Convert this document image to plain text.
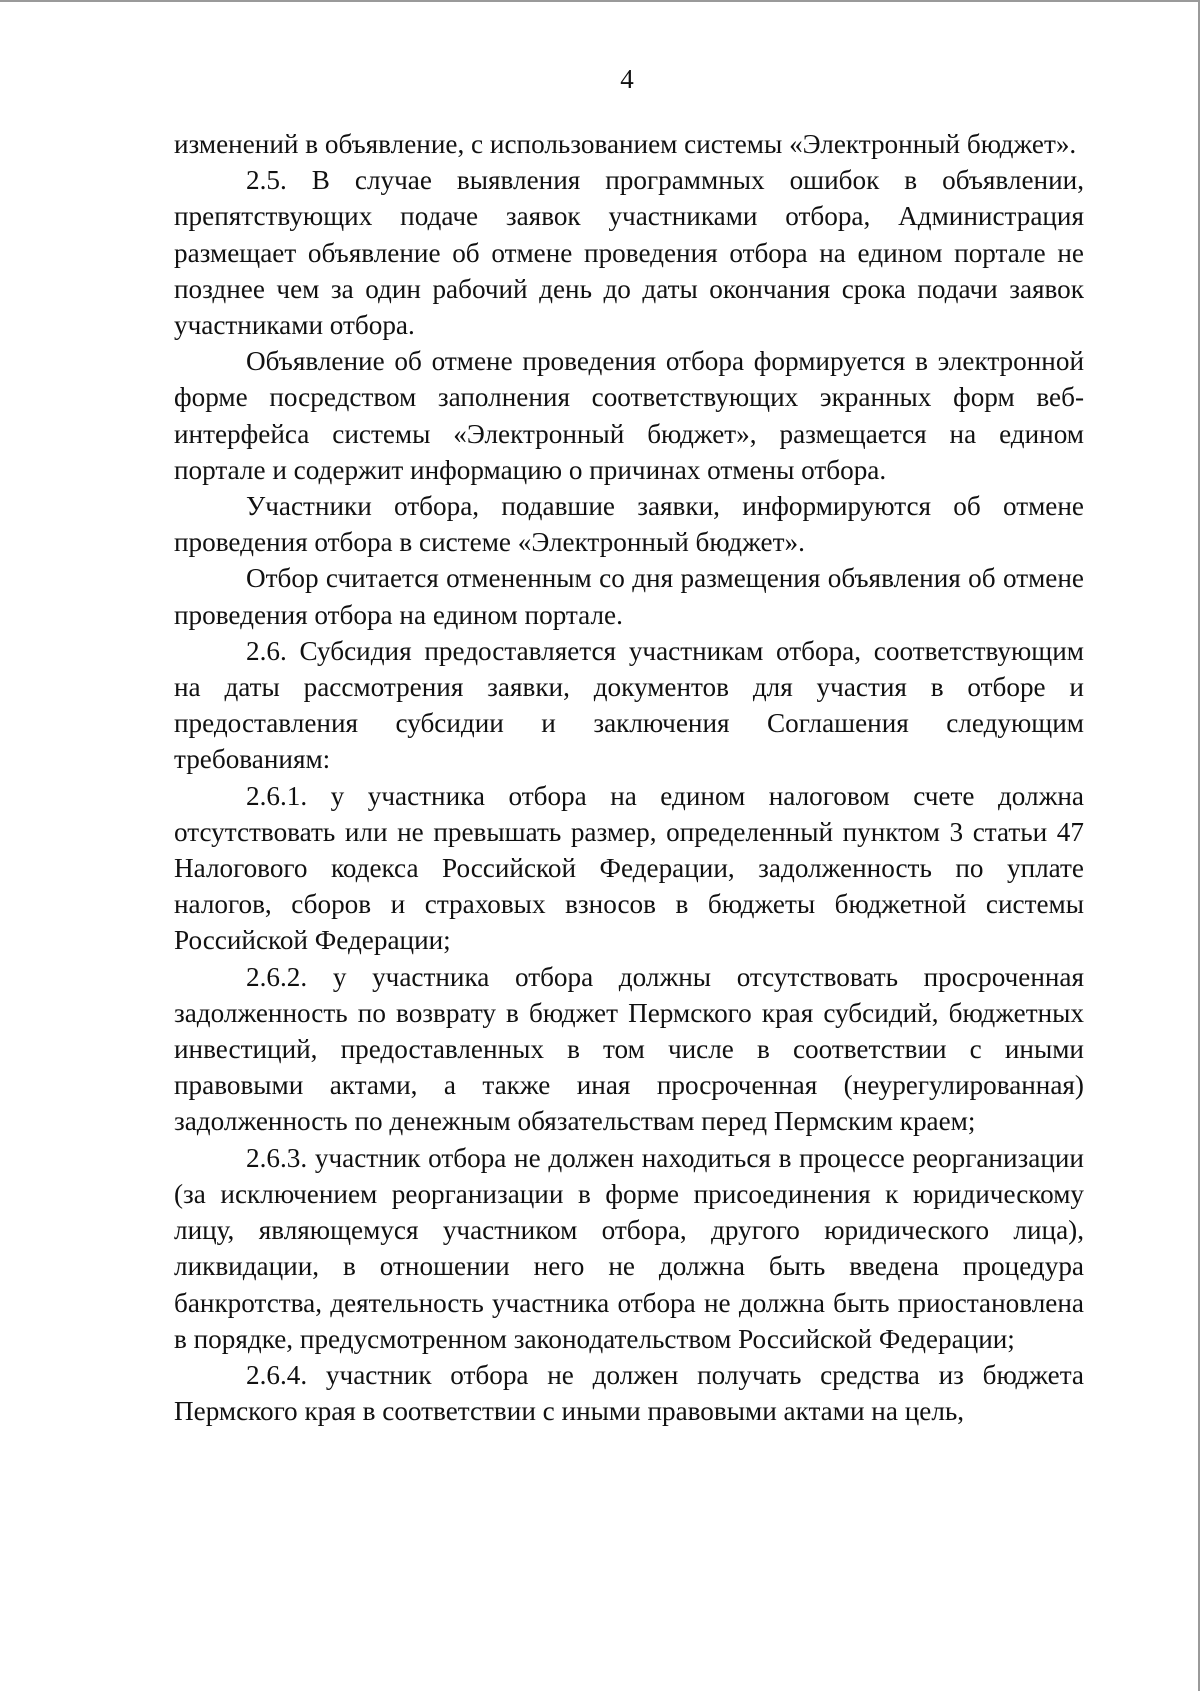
4

изменений в объявление, с использованием системы «Электронный бюджет».

2.5. В случае выявления программных ошибок в объявлении, препятствующих подаче заявок участниками отбора, Администрация размещает объявление об отмене проведения отбора на едином портале не позднее чем за один рабочий день до даты окончания срока подачи заявок участниками отбора.

Объявление об отмене проведения отбора формируется в электронной форме посредством заполнения соответствующих экранных форм веб-интерфейса системы «Электронный бюджет», размещается на едином портале и содержит информацию о причинах отмены отбора.

Участники отбора, подавшие заявки, информируются об отмене проведения отбора в системе «Электронный бюджет».

Отбор считается отмененным со дня размещения объявления об отмене проведения отбора на едином портале.

2.6. Субсидия предоставляется участникам отбора, соответствующим на даты рассмотрения заявки, документов для участия в отборе и предоставления субсидии и заключения Соглашения следующим требованиям:

2.6.1. у участника отбора на едином налоговом счете должна отсутствовать или не превышать размер, определенный пунктом 3 статьи 47 Налогового кодекса Российской Федерации, задолженность по уплате налогов, сборов и страховых взносов в бюджеты бюджетной системы Российской Федерации;

2.6.2. у участника отбора должны отсутствовать просроченная задолженность по возврату в бюджет Пермского края субсидий, бюджетных инвестиций, предоставленных в том числе в соответствии с иными правовыми актами, а также иная просроченная (неурегулированная) задолженность по денежным обязательствам перед Пермским краем;

2.6.3. участник отбора не должен находиться в процессе реорганизации (за исключением реорганизации в форме присоединения к юридическому лицу, являющемуся участником отбора, другого юридического лица), ликвидации, в отношении него не должна быть введена процедура банкротства, деятельность участника отбора не должна быть приостановлена в порядке, предусмотренном законодательством Российской Федерации;

2.6.4. участник отбора не должен получать средства из бюджета Пермского края в соответствии с иными правовыми актами на цель,
